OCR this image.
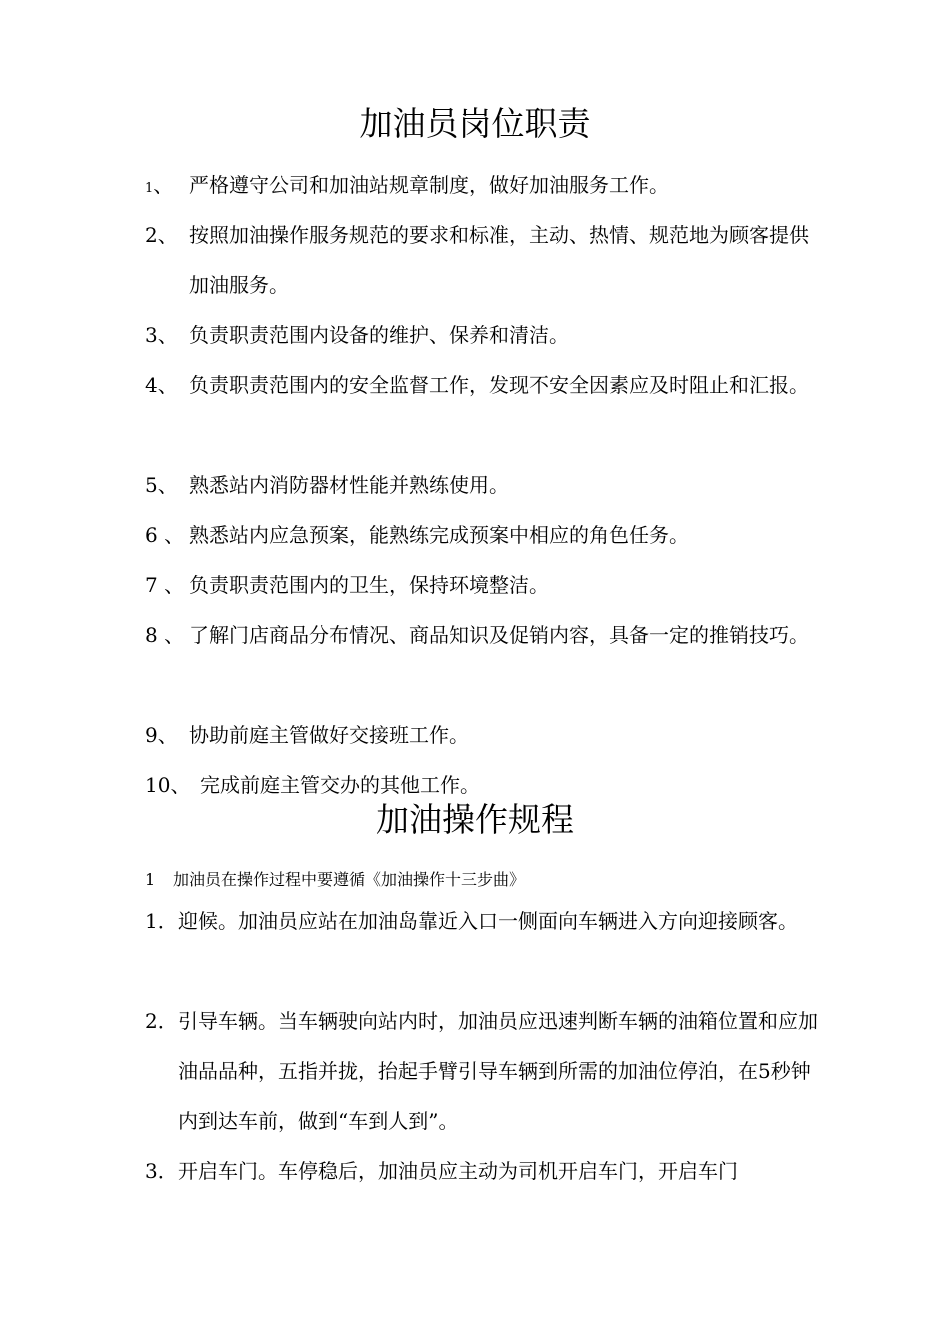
加油员岗位职责
1、 严格遵守公司和加油站规章制度，做好加油服务工作。
2、 按照加油操作服务规范的要求和标准，主动、热情、规范地为顾客提供加油服务。
3、 负责职责范围内设备的维护、保养和清洁。
4、 负责职责范围内的安全监督工作，发现不安全因素应及时阻止和汇报。
5、 熟悉站内消防器材性能并熟练使用。
6 、 熟悉站内应急预案，能熟练完成预案中相应的角色任务。
7 、 负责职责范围内的卫生，保持环境整洁。
8 、 了解门店商品分布情况、商品知识及促销内容，具备一定的推销技巧。
9、 协助前庭主管做好交接班工作。
10、 完成前庭主管交办的其他工作。
加油操作规程
1 加油员在操作过程中要遵循《加油操作十三步曲》
1． 迎候。加油员应站在加油岛靠近入口一侧面向车辆进入方向迎接顾客。
2． 引导车辆。当车辆驶向站内时，加油员应迅速判断车辆的油箱位置和应加油品品种，五指并拢，抬起手臂引导车辆到所需的加油位停泊，在5秒钟内到达车前，做到“车到人到”。
3． 开启车门。车停稳后，加油员应主动为司机开启车门，开启车门
